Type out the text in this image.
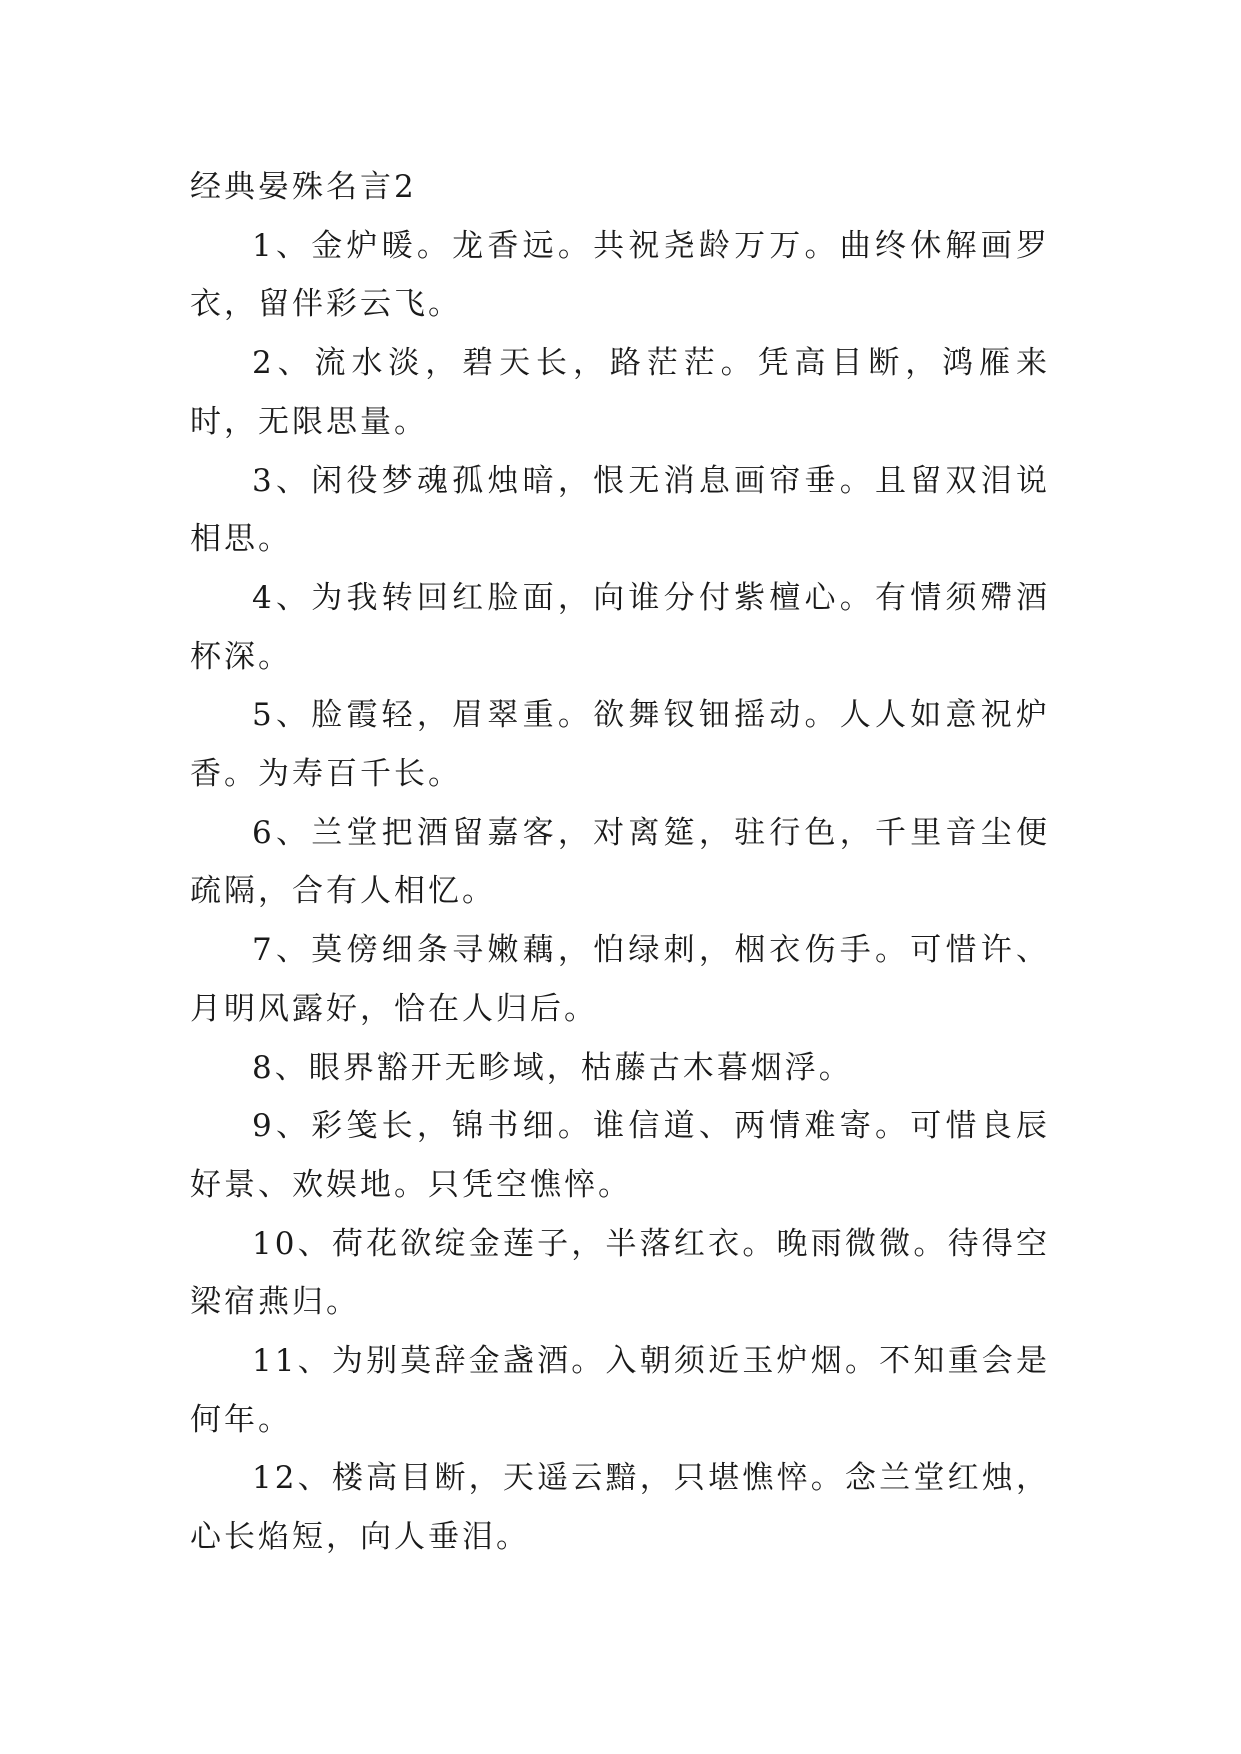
经典晏殊名言2

1、金炉暖。龙香远。共祝尧龄万万。曲终休解画罗衣，留伴彩云飞。

2、流水淡，碧天长，路茫茫。凭高目断，鸿雁来时，无限思量。

3、闲役梦魂孤烛暗，恨无消息画帘垂。且留双泪说相思。

4、为我转回红脸面，向谁分付紫檀心。有情须殢酒杯深。

5、脸霞轻，眉翠重。欲舞钗钿摇动。人人如意祝炉香。为寿百千长。

6、兰堂把酒留嘉客，对离筵，驻行色，千里音尘便疏隔，合有人相忆。

7、莫傍细条寻嫩藕，怕绿刺，栶衣伤手。可惜许、月明风露好，恰在人归后。

8、眼界豁开无畛域，枯藤古木暮烟浮。

9、彩笺长，锦书细。谁信道、两情难寄。可惜良辰好景、欢娱地。只凭空憔悴。

10、荷花欲绽金莲子，半落红衣。晚雨微微。待得空梁宿燕归。

11、为别莫辞金盏酒。入朝须近玉炉烟。不知重会是何年。

12、楼高目断，天遥云黯，只堪憔悴。念兰堂红烛，心长焰短，向人垂泪。
